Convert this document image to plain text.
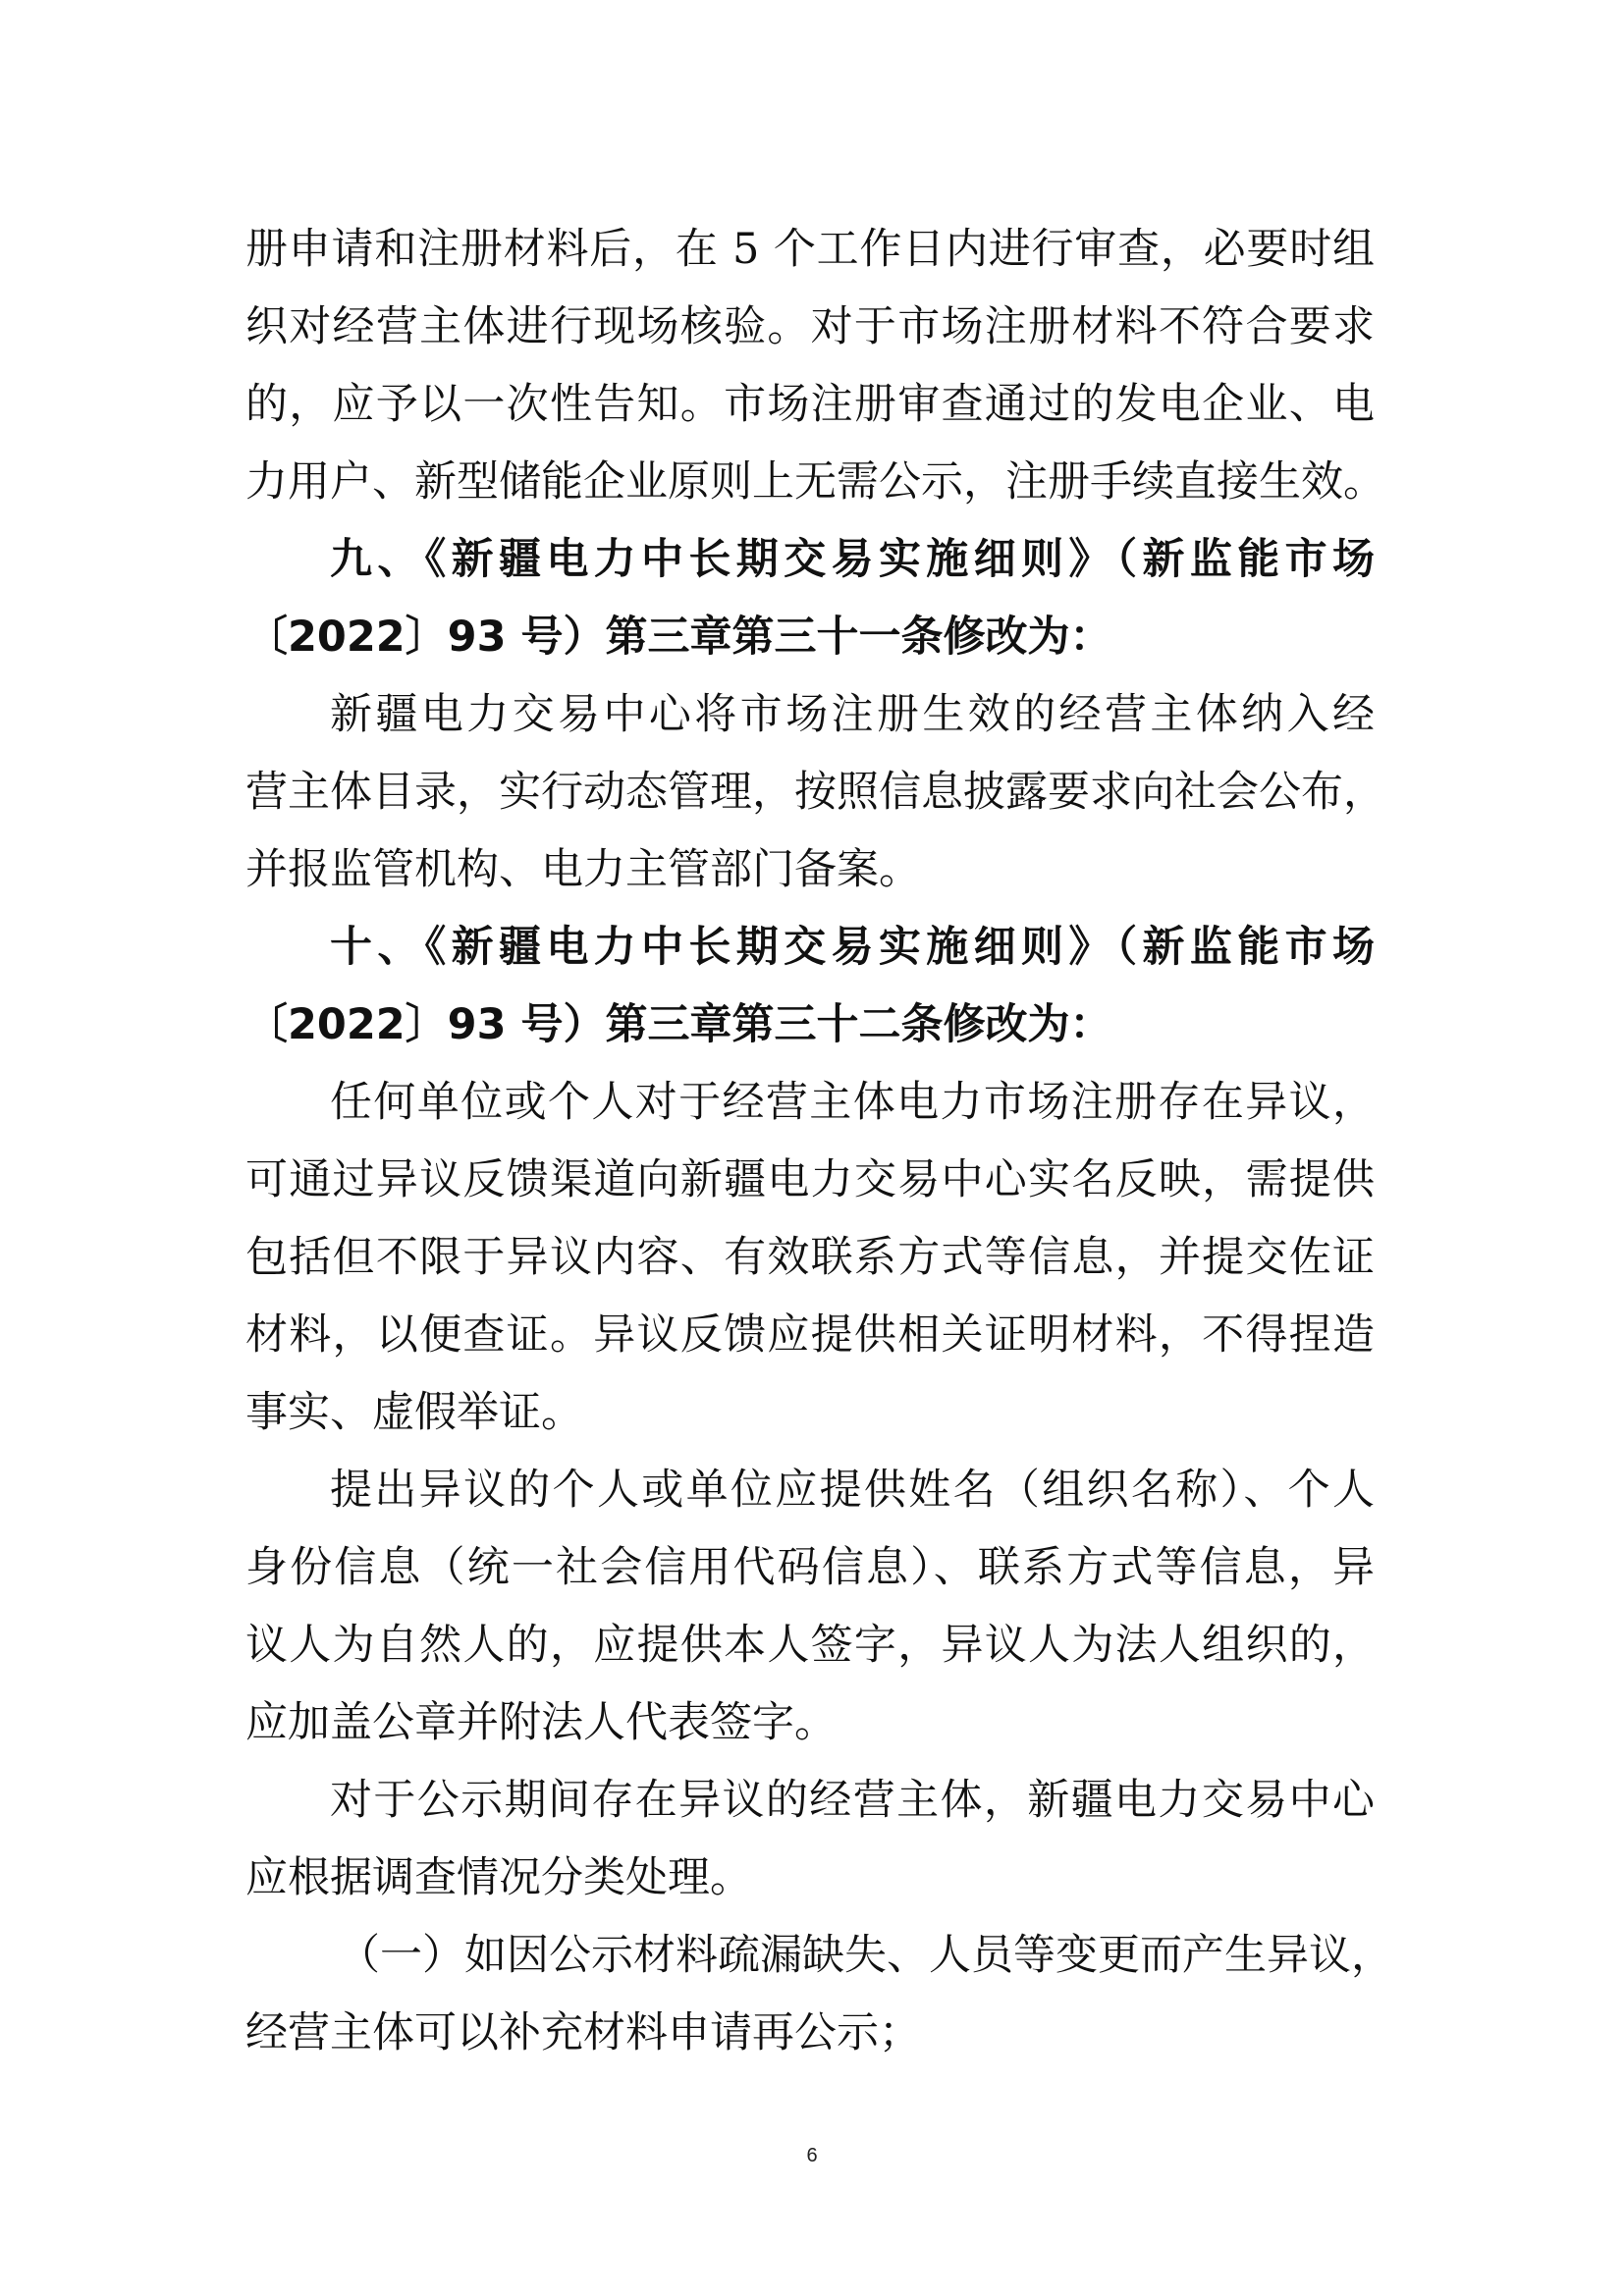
册申请和注册材料后，在 5 个工作日内进行审查，必要时组
织对经营主体进行现场核验。对于市场注册材料不符合要求
的，应予以一次性告知。市场注册审查通过的发电企业、电
力用户、新型储能企业原则上无需公示，注册手续直接生效。

九、《新疆电力中长期交易实施细则》（新监能市场
〔2022〕93 号）第三章第三十一条修改为：

新疆电力交易中心将市场注册生效的经营主体纳入经
营主体目录，实行动态管理，按照信息披露要求向社会公布，
并报监管机构、电力主管部门备案。

十、《新疆电力中长期交易实施细则》（新监能市场
〔2022〕93 号）第三章第三十二条修改为：

任何单位或个人对于经营主体电力市场注册存在异议，
可通过异议反馈渠道向新疆电力交易中心实名反映，需提供
包括但不限于异议内容、有效联系方式等信息，并提交佐证
材料，以便查证。异议反馈应提供相关证明材料，不得捏造
事实、虚假举证。

提出异议的个人或单位应提供姓名（组织名称）、个人
身份信息（统一社会信用代码信息）、联系方式等信息，异
议人为自然人的，应提供本人签字，异议人为法人组织的，
应加盖公章并附法人代表签字。

对于公示期间存在异议的经营主体，新疆电力交易中心
应根据调查情况分类处理。

（一）如因公示材料疏漏缺失、人员等变更而产生异议，
经营主体可以补充材料申请再公示；

6
